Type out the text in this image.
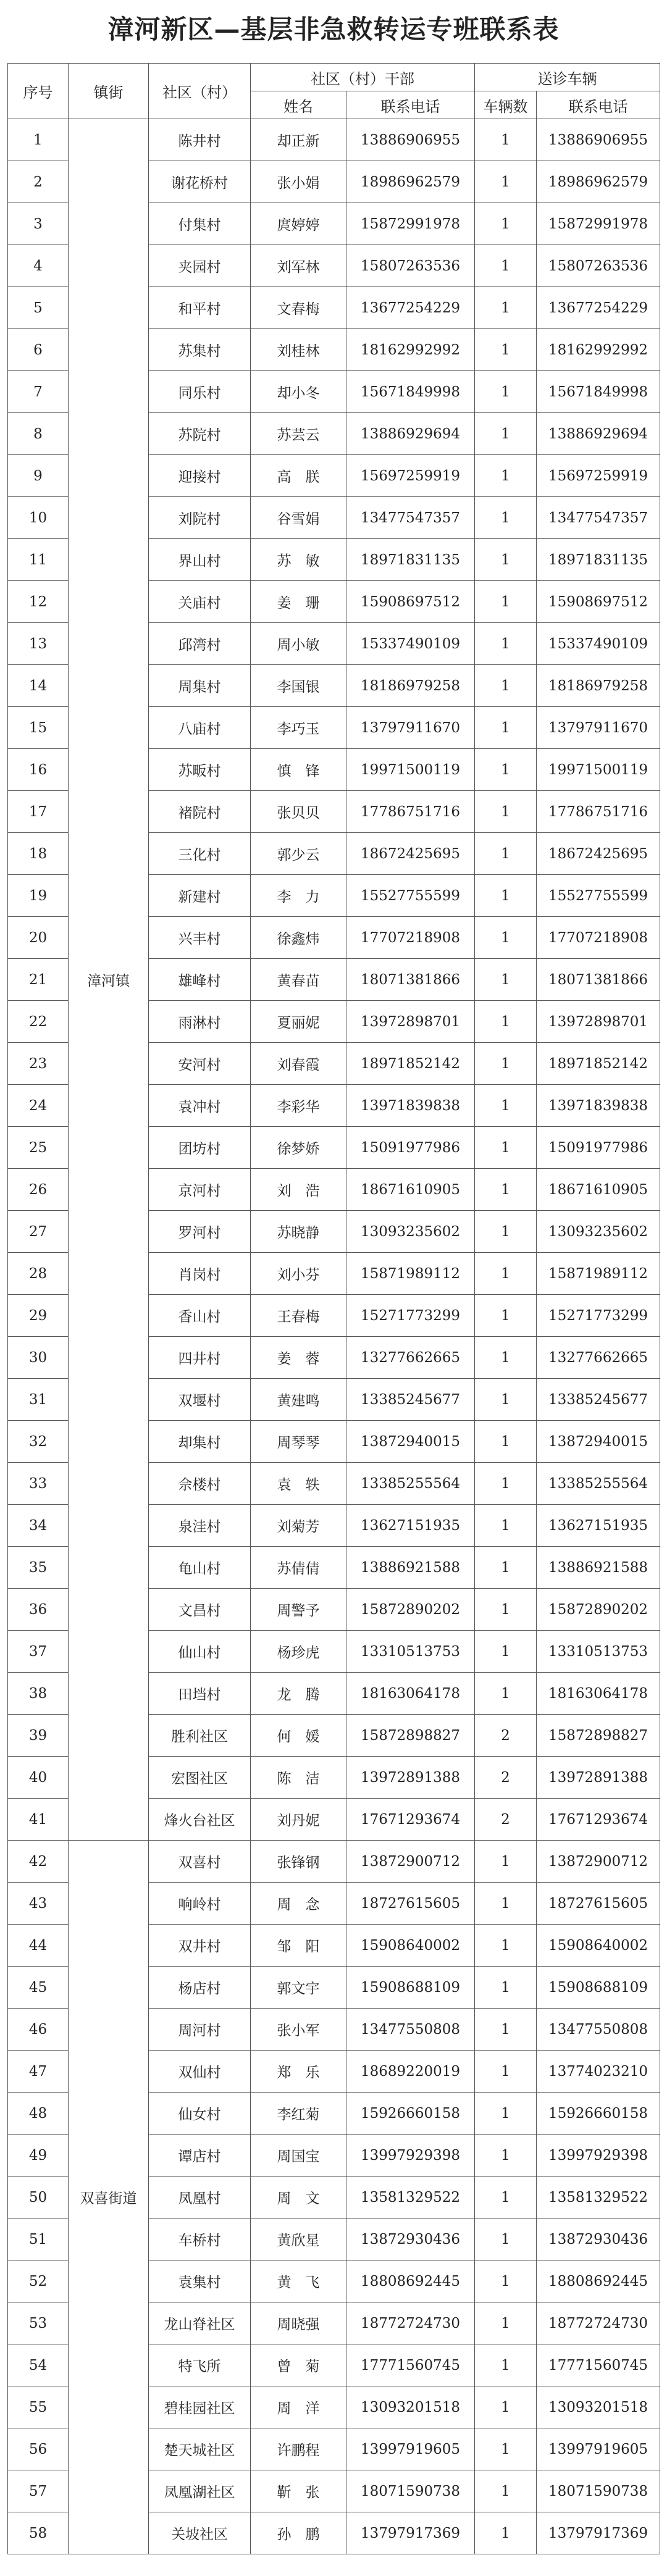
漳河新区—基层非急救转运专班联系表
序号	镇街	社区（村）	社区（村）干部		送诊车辆	
			姓名	联系电话	车辆数	联系电话
1	漳河镇	陈井村	却正新	13886906955	1	13886906955
2		谢花桥村	张小娟	18986962579	1	18986962579
3		付集村	庹婷婷	15872991978	1	15872991978
4		夹园村	刘军林	15807263536	1	15807263536
5		和平村	文春梅	13677254229	1	13677254229
6		苏集村	刘桂林	18162992992	1	18162992992
7		同乐村	却小冬	15671849998	1	15671849998
8		苏院村	苏芸云	13886929694	1	13886929694
9		迎接村	高　朕	15697259919	1	15697259919
10		刘院村	谷雪娟	13477547357	1	13477547357
11		界山村	苏　敏	18971831135	1	18971831135
12		关庙村	姜　珊	15908697512	1	15908697512
13		邱湾村	周小敏	15337490109	1	15337490109
14		周集村	李国银	18186979258	1	18186979258
15		八庙村	李巧玉	13797911670	1	13797911670
16		苏畈村	慎　锋	19971500119	1	19971500119
17		褚院村	张贝贝	17786751716	1	17786751716
18		三化村	郭少云	18672425695	1	18672425695
19		新建村	李　力	15527755599	1	15527755599
20		兴丰村	徐鑫炜	17707218908	1	17707218908
21		雄峰村	黄春苗	18071381866	1	18071381866
22		雨淋村	夏丽妮	13972898701	1	13972898701
23		安河村	刘春霞	18971852142	1	18971852142
24		袁冲村	李彩华	13971839838	1	13971839838
25		团坊村	徐梦娇	15091977986	1	15091977986
26		京河村	刘　浩	18671610905	1	18671610905
27		罗河村	苏晓静	13093235602	1	13093235602
28		肖岗村	刘小芬	15871989112	1	15871989112
29		香山村	王春梅	15271773299	1	15271773299
30		四井村	姜　蓉	13277662665	1	13277662665
31		双堰村	黄建鸣	13385245677	1	13385245677
32		却集村	周琴琴	13872940015	1	13872940015
33		佘楼村	袁　轶	13385255564	1	13385255564
34		泉洼村	刘菊芳	13627151935	1	13627151935
35		龟山村	苏倩倩	13886921588	1	13886921588
36		文昌村	周警予	15872890202	1	15872890202
37		仙山村	杨珍虎	13310513753	1	13310513753
38		田垱村	龙　腾	18163064178	1	18163064178
39		胜利社区	何　媛	15872898827	2	15872898827
40		宏图社区	陈　洁	13972891388	2	13972891388
41		烽火台社区	刘丹妮	17671293674	2	17671293674
42	双喜街道	双喜村	张锋钢	13872900712	1	13872900712
43		响岭村	周　念	18727615605	1	18727615605
44		双井村	邹　阳	15908640002	1	15908640002
45		杨店村	郭文宇	15908688109	1	15908688109
46		周河村	张小军	13477550808	1	13477550808
47		双仙村	郑　乐	18689220019	1	13774023210
48		仙女村	李红菊	15926660158	1	15926660158
49		谭店村	周国宝	13997929398	1	13997929398
50		凤凰村	周　文	13581329522	1	13581329522
51		车桥村	黄欣星	13872930436	1	13872930436
52		袁集村	黄　飞	18808692445	1	18808692445
53		龙山脊社区	周晓强	18772724730	1	18772724730
54		特飞所	曾　菊	17771560745	1	17771560745
55		碧桂园社区	周　洋	13093201518	1	13093201518
56		楚天城社区	许鹏程	13997919605	1	13997919605
57		凤凰湖社区	靳　张	18071590738	1	18071590738
58		关坡社区	孙　鹏	13797917369	1	13797917369
